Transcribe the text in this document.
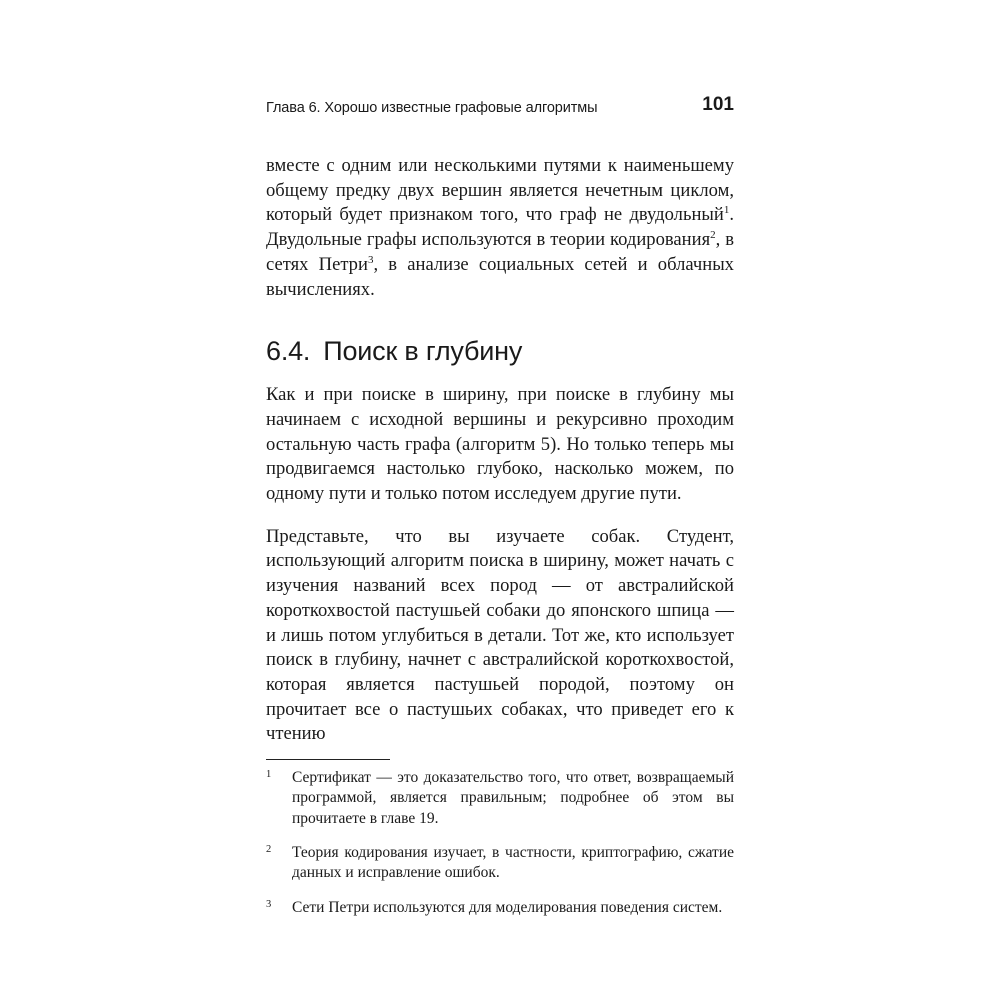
Глава 6. Хорошо известные графовые алгоритмы	101

вместе с одним или несколькими путями к наименьшему общему предку двух вершин является нечетным циклом, который будет признаком того, что граф не двудольный$^1$. Двудольные графы используются в теории кодирования$^2$, в сетях Петри$^3$, в анализе социальных сетей и облачных вычислениях.

6.4. Поиск в глубину

Как и при поиске в ширину, при поиске в глубину мы начинаем с исходной вершины и рекурсивно проходим остальную часть графа (алгоритм 5). Но только теперь мы продвигаемся настолько глубоко, насколько можем, по одному пути и только потом исследуем другие пути.

Представьте, что вы изучаете собак. Студент, использующий алгоритм поиска в ширину, может начать с изучения названий всех пород — от австралийской короткохвостой пастушьей собаки до японского шпица — и лишь потом углубиться в детали. Тот же, кто использует поиск в глубину, начнет с австралийской короткохвостой, которая является пастушьей породой, поэтому он прочитает все о пастушьих собаках, что приведет его к чтению

1 Сертификат — это доказательство того, что ответ, возвращаемый программой, является правильным; подробнее об этом вы прочитаете в главе 19.
2 Теория кодирования изучает, в частности, криптографию, сжатие данных и исправление ошибок.
3 Сети Петри используются для моделирования поведения систем.
